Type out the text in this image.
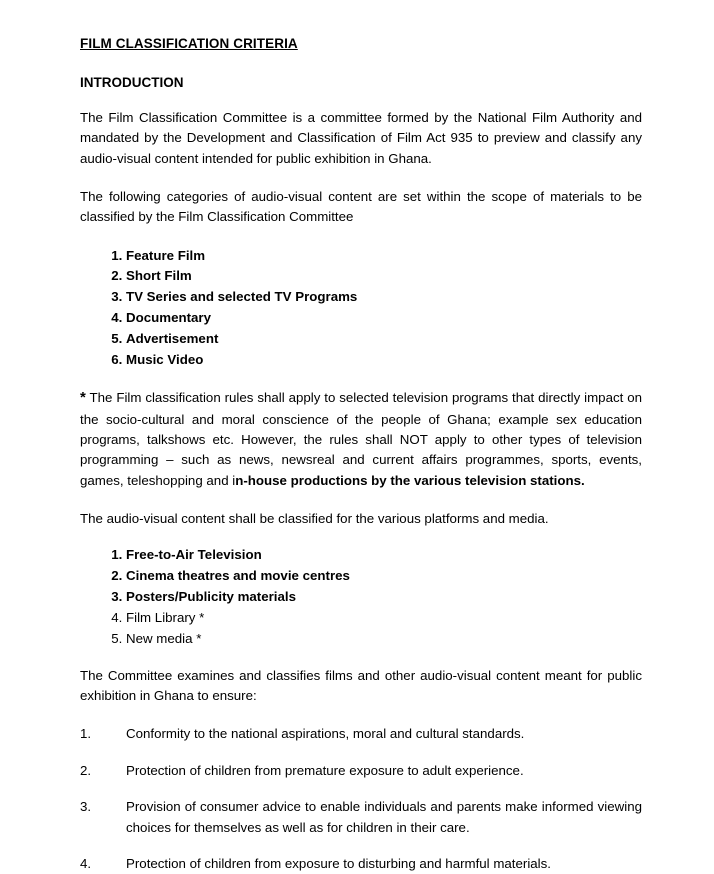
FILM CLASSIFICATION CRITERIA
INTRODUCTION

The Film Classification Committee is a committee formed by the National Film Authority and mandated by the Development and Classification of Film Act 935 to preview and classify any audio-visual content intended for public exhibition in Ghana.

The following categories of audio-visual content are set within the scope of materials to be classified by the Film Classification Committee

1. Feature Film
2. Short Film
3. TV Series and selected TV Programs
4. Documentary
5. Advertisement
6. Music Video

* The Film classification rules shall apply to selected television programs that directly impact on the socio-cultural and moral conscience of the people of Ghana; example sex education programs, talkshows etc. However, the rules shall NOT apply to other types of television programming – such as news, newsreal and current affairs programmes, sports, events, games, teleshopping and in-house productions by the various television stations.

The audio-visual content shall be classified for the various platforms and media.

1. Free-to-Air Television
2. Cinema theatres and movie centres
3. Posters/Publicity materials
4. Film Library *
5. New media *

The Committee examines and classifies films and other audio-visual content meant for public exhibition in Ghana to ensure:

1.	Conformity to the national aspirations, moral and cultural standards.

2.	Protection of children from premature exposure to adult experience.

3.	Provision of consumer advice to enable individuals and parents make informed viewing choices for themselves as well as for children in their care.

4.	Protection of children from exposure to disturbing and harmful materials.
